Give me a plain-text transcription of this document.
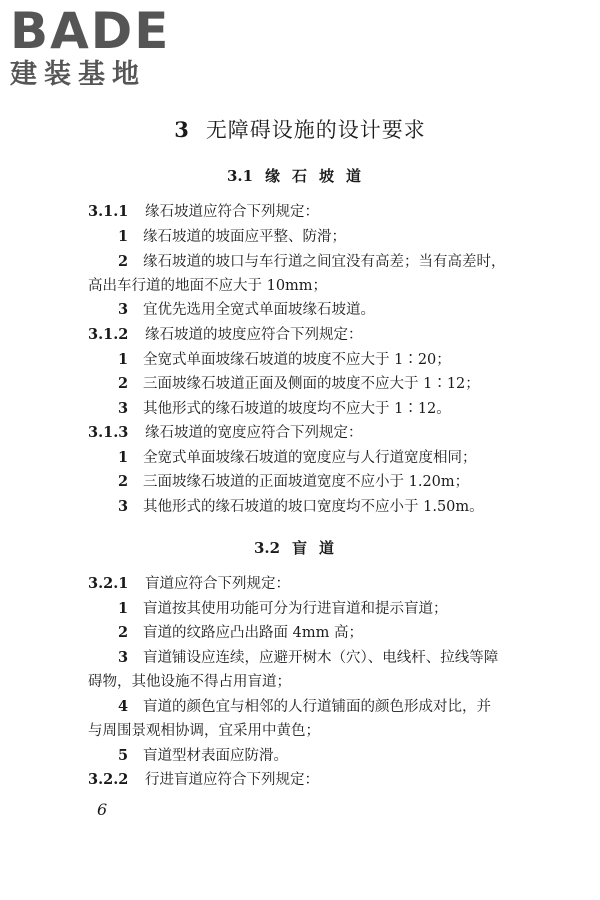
BADE
建装基地
3 无障碍设施的设计要求
3.1 缘石坡道
3.1.1 缘石坡道应符合下列规定：
1 缘石坡道的坡面应平整、防滑；
2 缘石坡道的坡口与车行道之间宜没有高差；当有高差时，
高出车行道的地面不应大于 10mm；
3 宜优先选用全宽式单面坡缘石坡道。
3.1.2 缘石坡道的坡度应符合下列规定：
1 全宽式单面坡缘石坡道的坡度不应大于 1∶20；
2 三面坡缘石坡道正面及侧面的坡度不应大于 1∶12；
3 其他形式的缘石坡道的坡度均不应大于 1∶12。
3.1.3 缘石坡道的宽度应符合下列规定：
1 全宽式单面坡缘石坡道的宽度应与人行道宽度相同；
2 三面坡缘石坡道的正面坡道宽度不应小于 1.20m；
3 其他形式的缘石坡道的坡口宽度均不应小于 1.50m。
3.2 盲道
3.2.1 盲道应符合下列规定：
1 盲道按其使用功能可分为行进盲道和提示盲道；
2 盲道的纹路应凸出路面 4mm 高；
3 盲道铺设应连续，应避开树木（穴）、电线杆、拉线等障
碍物，其他设施不得占用盲道；
4 盲道的颜色宜与相邻的人行道铺面的颜色形成对比，并
与周围景观相协调，宜采用中黄色；
5 盲道型材表面应防滑。
3.2.2 行进盲道应符合下列规定：
6
